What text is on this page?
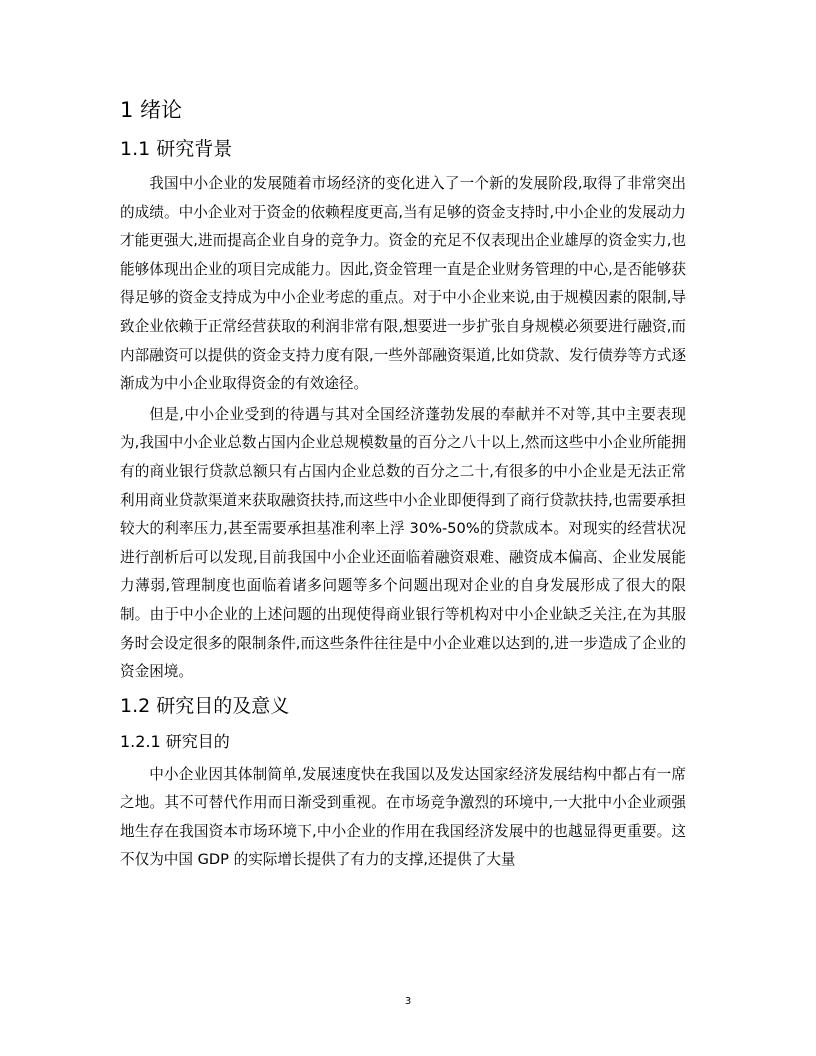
1 绪论
1.1 研究背景

我国中小企业的发展随着市场经济的变化进入了一个新的发展阶段,取得了非常突出的成绩。中小企业对于资金的依赖程度更高,当有足够的资金支持时,中小企业的发展动力才能更强大,进而提高企业自身的竞争力。资金的充足不仅表现出企业雄厚的资金实力,也能够体现出企业的项目完成能力。因此,资金管理一直是企业财务管理的中心,是否能够获得足够的资金支持成为中小企业考虑的重点。对于中小企业来说,由于规模因素的限制,导致企业依赖于正常经营获取的利润非常有限,想要进一步扩张自身规模必须要进行融资,而内部融资可以提供的资金支持力度有限,一些外部融资渠道,比如贷款、发行债券等方式逐渐成为中小企业取得资金的有效途径。

但是,中小企业受到的待遇与其对全国经济蓬勃发展的奉献并不对等,其中主要表现为,我国中小企业总数占国内企业总规模数量的百分之八十以上,然而这些中小企业所能拥有的商业银行贷款总额只有占国内企业总数的百分之二十,有很多的中小企业是无法正常利用商业贷款渠道来获取融资扶持,而这些中小企业即便得到了商行贷款扶持,也需要承担较大的利率压力,甚至需要承担基准利率上浮 30%-50%的贷款成本。对现实的经营状况进行剖析后可以发现,目前我国中小企业还面临着融资艰难、融资成本偏高、企业发展能力薄弱,管理制度也面临着诸多问题等多个问题出现对企业的自身发展形成了很大的限制。由于中小企业的上述问题的出现使得商业银行等机构对中小企业缺乏关注,在为其服务时会设定很多的限制条件,而这些条件往往是中小企业难以达到的,进一步造成了企业的资金困境。

1.2 研究目的及意义
1.2.1 研究目的

中小企业因其体制简单,发展速度快在我国以及发达国家经济发展结构中都占有一席之地。其不可替代作用而日渐受到重视。在市场竞争激烈的环境中,一大批中小企业顽强地生存在我国资本市场环境下,中小企业的作用在我国经济发展中的也越显得更重要。这不仅为中国 GDP 的实际增长提供了有力的支撑,还提供了大量

3
